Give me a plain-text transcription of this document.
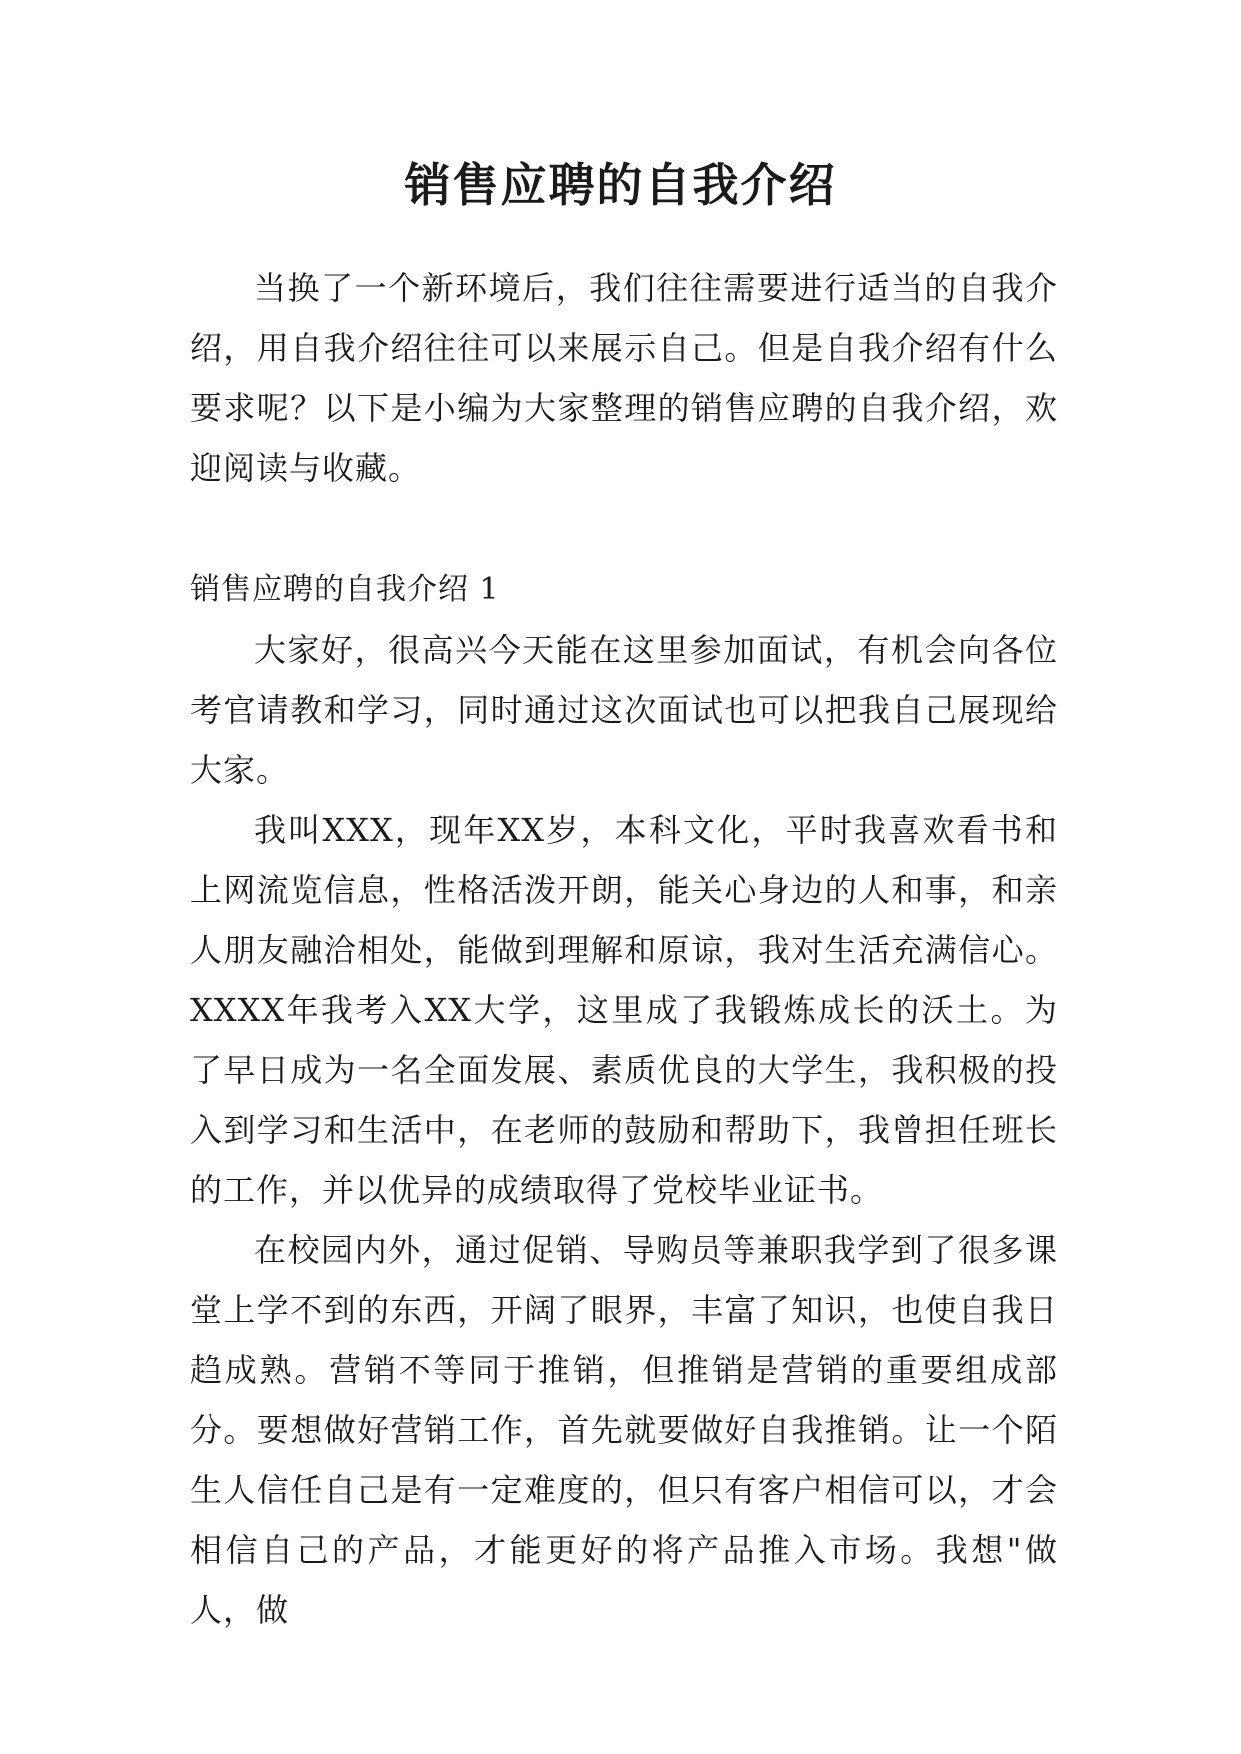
销售应聘的自我介绍

当换了一个新环境后，我们往往需要进行适当的自我介绍，用自我介绍往往可以来展示自己。但是自我介绍有什么要求呢？以下是小编为大家整理的销售应聘的自我介绍，欢迎阅读与收藏。

销售应聘的自我介绍 1

大家好，很高兴今天能在这里参加面试，有机会向各位考官请教和学习，同时通过这次面试也可以把我自己展现给大家。

我叫XXX，现年XX岁，本科文化，平时我喜欢看书和上网流览信息，性格活泼开朗，能关心身边的人和事，和亲人朋友融洽相处，能做到理解和原谅，我对生活充满信心。XXXX年我考入XX大学，这里成了我锻炼成长的沃土。为了早日成为一名全面发展、素质优良的大学生，我积极的投入到学习和生活中，在老师的鼓励和帮助下，我曾担任班长的工作，并以优异的成绩取得了党校毕业证书。

在校园内外，通过促销、导购员等兼职我学到了很多课堂上学不到的东西，开阔了眼界，丰富了知识，也使自我日趋成熟。营销不等同于推销，但推销是营销的重要组成部分。要想做好营销工作，首先就要做好自我推销。让一个陌生人信任自己是有一定难度的，但只有客户相信可以，才会相信自己的产品，才能更好的将产品推入市场。我想"做人，做
